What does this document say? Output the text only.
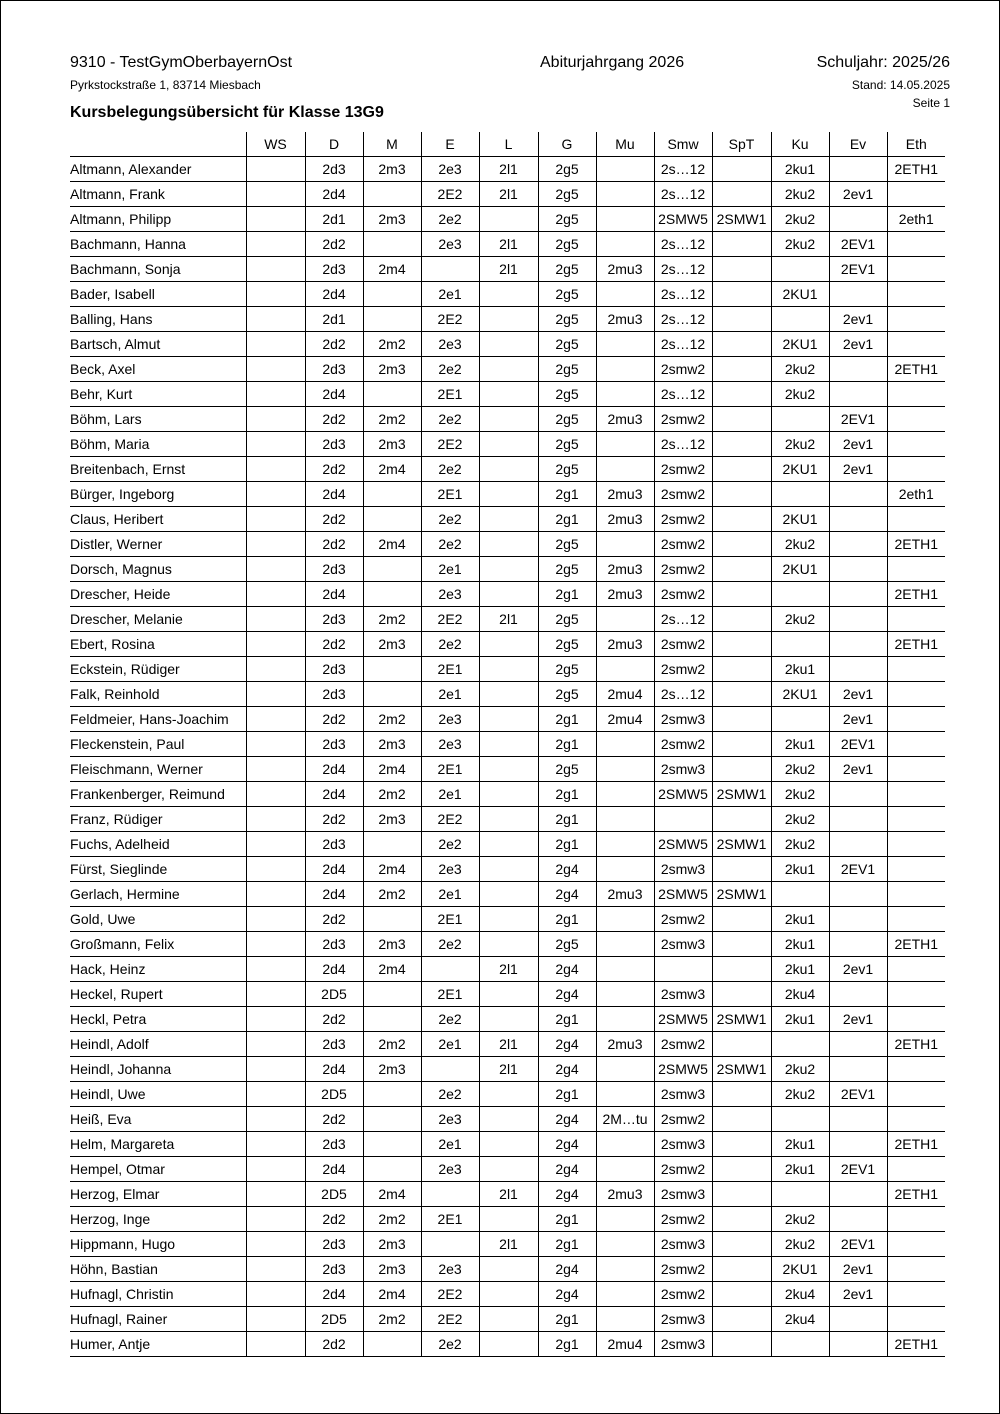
9310 - TestGymOberbayernOst
Pyrkstockstraße 1, 83714 Miesbach
Kursbelegungsübersicht für Klasse 13G9
Abiturjahrgang 2026	Schuljahr: 2025/26
Stand: 14.05.2025
Seite 1
	WS	D	M	E	L	G	Mu	Smw	SpT	Ku	Ev	Eth
Altmann, Alexander		2d3	2m3	2e3	2l1	2g5		2s…12		2ku1		2ETH1
Altmann, Frank		2d4		2E2	2l1	2g5		2s…12		2ku2	2ev1	
Altmann, Philipp		2d1	2m3	2e2		2g5		2SMW5	2SMW1	2ku2		2eth1
Bachmann, Hanna		2d2		2e3	2l1	2g5		2s…12		2ku2	2EV1	
Bachmann, Sonja		2d3	2m4		2l1	2g5	2mu3	2s…12			2EV1	
Bader, Isabell		2d4		2e1		2g5		2s…12		2KU1		
Balling, Hans		2d1		2E2		2g5	2mu3	2s…12			2ev1	
Bartsch, Almut		2d2	2m2	2e3		2g5		2s…12		2KU1	2ev1	
Beck, Axel		2d3	2m3	2e2		2g5		2smw2		2ku2		2ETH1
Behr, Kurt		2d4		2E1		2g5		2s…12		2ku2		
Böhm, Lars		2d2	2m2	2e2		2g5	2mu3	2smw2			2EV1	
Böhm, Maria		2d3	2m3	2E2		2g5		2s…12		2ku2	2ev1	
Breitenbach, Ernst		2d2	2m4	2e2		2g5		2smw2		2KU1	2ev1	
Bürger, Ingeborg		2d4		2E1		2g1	2mu3	2smw2				2eth1
Claus, Heribert		2d2		2e2		2g1	2mu3	2smw2		2KU1		
Distler, Werner		2d2	2m4	2e2		2g5		2smw2		2ku2		2ETH1
Dorsch, Magnus		2d3		2e1		2g5	2mu3	2smw2		2KU1		
Drescher, Heide		2d4		2e3		2g1	2mu3	2smw2				2ETH1
Drescher, Melanie		2d3	2m2	2E2	2l1	2g5		2s…12		2ku2		
Ebert, Rosina		2d2	2m3	2e2		2g5	2mu3	2smw2				2ETH1
Eckstein, Rüdiger		2d3		2E1		2g5		2smw2		2ku1		
Falk, Reinhold		2d3		2e1		2g5	2mu4	2s…12		2KU1	2ev1	
Feldmeier, Hans-Joachim		2d2	2m2	2e3		2g1	2mu4	2smw3			2ev1	
Fleckenstein, Paul		2d3	2m3	2e3		2g1		2smw2		2ku1	2EV1	
Fleischmann, Werner		2d4	2m4	2E1		2g5		2smw3		2ku2	2ev1	
Frankenberger, Reimund		2d4	2m2	2e1		2g1		2SMW5	2SMW1	2ku2		
Franz, Rüdiger		2d2	2m3	2E2		2g1				2ku2		
Fuchs, Adelheid		2d3		2e2		2g1		2SMW5	2SMW1	2ku2		
Fürst, Sieglinde		2d4	2m4	2e3		2g4		2smw3		2ku1	2EV1	
Gerlach, Hermine		2d4	2m2	2e1		2g4	2mu3	2SMW5	2SMW1			
Gold, Uwe		2d2		2E1		2g1		2smw2		2ku1		
Großmann, Felix		2d3	2m3	2e2		2g5		2smw3		2ku1		2ETH1
Hack, Heinz		2d4	2m4		2l1	2g4				2ku1	2ev1	
Heckel, Rupert		2D5		2E1		2g4		2smw3		2ku4		
Heckl, Petra		2d2		2e2		2g1		2SMW5	2SMW1	2ku1	2ev1	
Heindl, Adolf		2d3	2m2	2e1	2l1	2g4	2mu3	2smw2				2ETH1
Heindl, Johanna		2d4	2m3		2l1	2g4		2SMW5	2SMW1	2ku2		
Heindl, Uwe		2D5		2e2		2g1		2smw3		2ku2	2EV1	
Heiß, Eva		2d2		2e3		2g4	2M…tu	2smw2				
Helm, Margareta		2d3		2e1		2g4		2smw3		2ku1		2ETH1
Hempel, Otmar		2d4		2e3		2g4		2smw2		2ku1	2EV1	
Herzog, Elmar		2D5	2m4		2l1	2g4	2mu3	2smw3				2ETH1
Herzog, Inge		2d2	2m2	2E1		2g1		2smw2		2ku2		
Hippmann, Hugo		2d3	2m3		2l1	2g1		2smw3		2ku2	2EV1	
Höhn, Bastian		2d3	2m3	2e3		2g4		2smw2		2KU1	2ev1	
Hufnagl, Christin		2d4	2m4	2E2		2g4		2smw2		2ku4	2ev1	
Hufnagl, Rainer		2D5	2m2	2E2		2g1		2smw3		2ku4		
Humer, Antje		2d2		2e2		2g1	2mu4	2smw3				2ETH1
